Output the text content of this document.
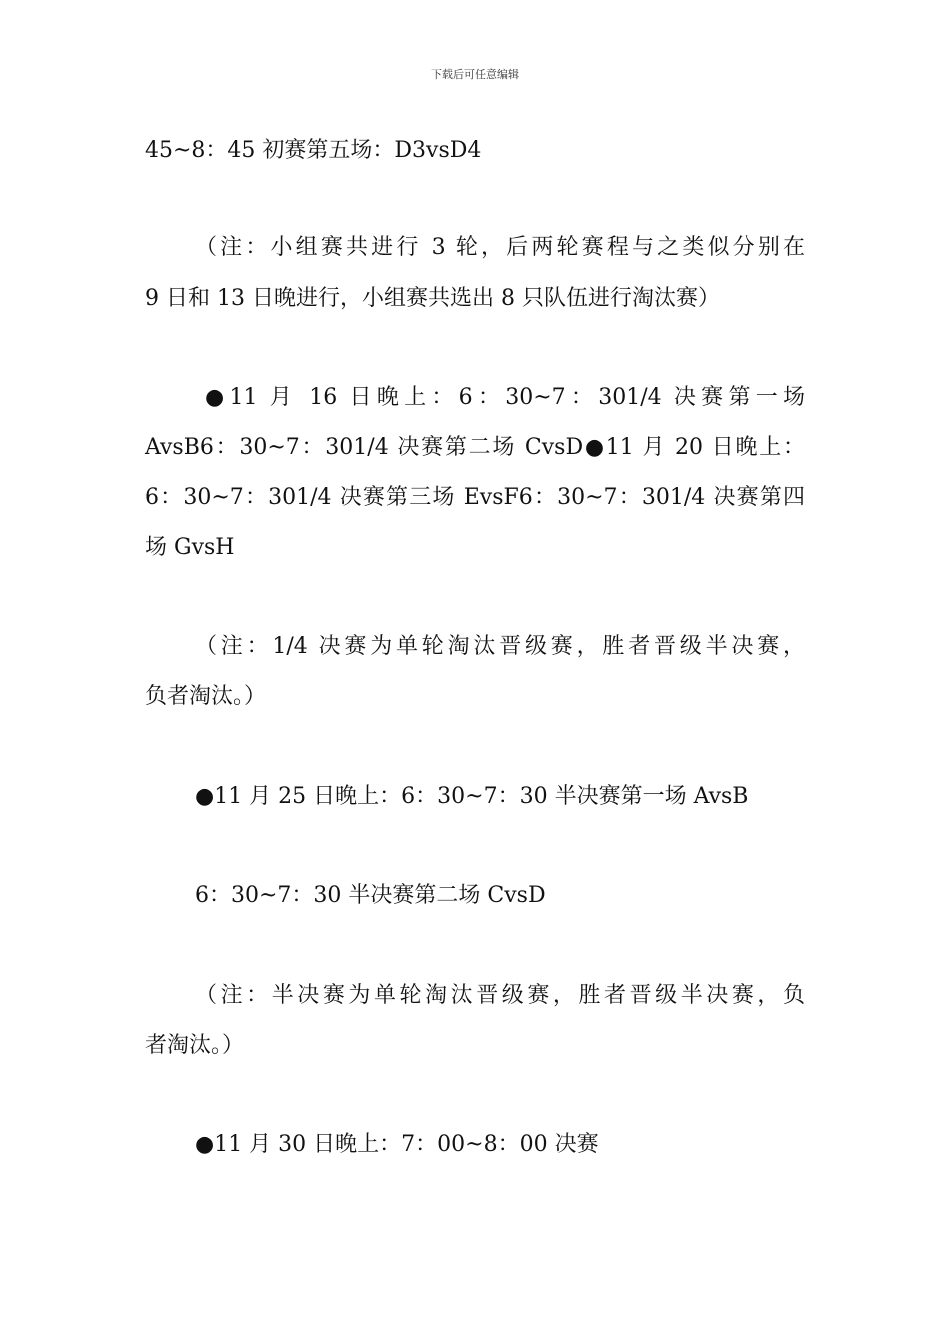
下载后可任意编辑
45~8：45 初赛第五场：D3vsD4
（注：小组赛共进行 3 轮，后两轮赛程与之类似分别在
9 日和 13 日晚进行，小组赛共选出 8 只队伍进行淘汰赛）
●11 月 16 日晚上：6：30~7：301/4 决赛第一场
AvsB6：30~7：301/4 决赛第二场 CvsD●11 月 20 日晚上：
6：30~7：301/4 决赛第三场 EvsF6：30~7：301/4 决赛第四
场 GvsH
（注：1/4 决赛为单轮淘汰晋级赛，胜者晋级半决赛，
负者淘汰。）
●11 月 25 日晚上：6：30~7：30 半决赛第一场 AvsB
6：30~7：30 半决赛第二场 CvsD
（注：半决赛为单轮淘汰晋级赛，胜者晋级半决赛，负
者淘汰。）
●11 月 30 日晚上：7：00~8：00 决赛
